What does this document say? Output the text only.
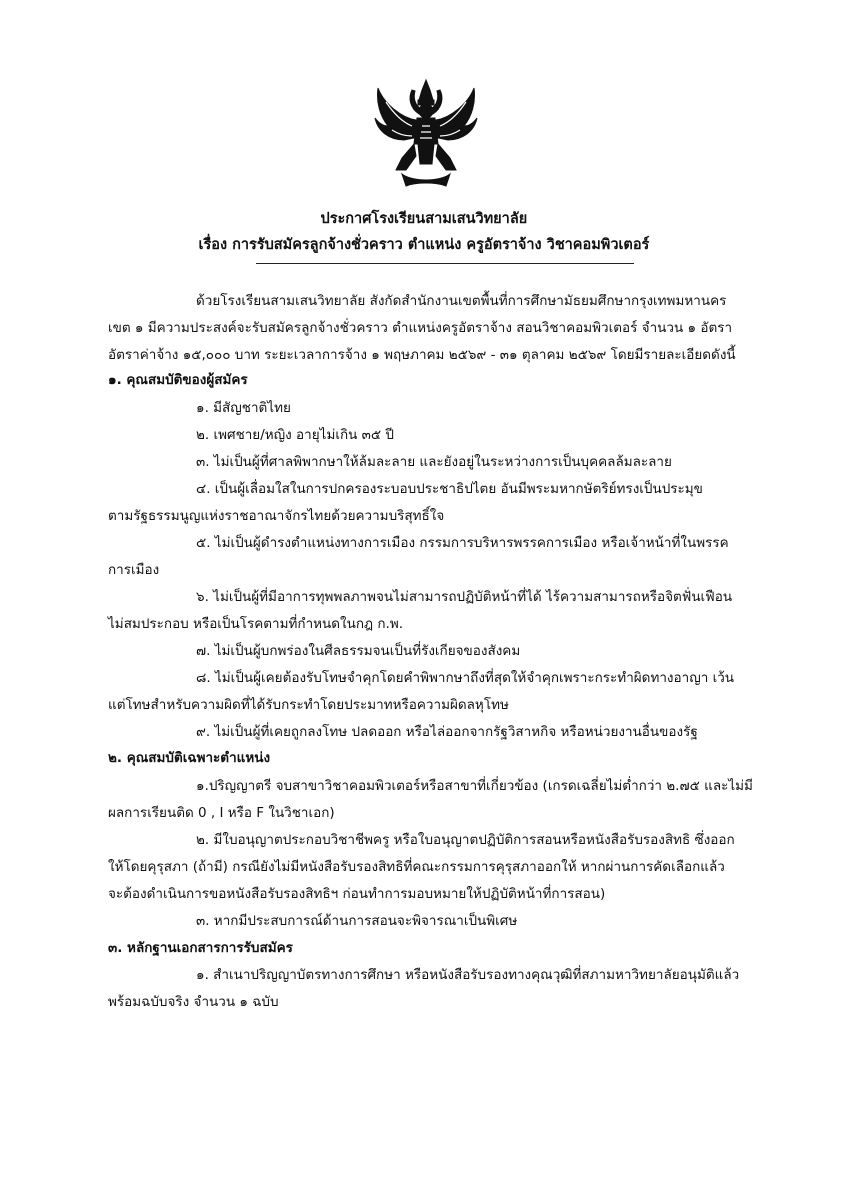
ประกาศโรงเรียนสามเสนวิทยาลัย
เรื่อง การรับสมัครลูกจ้างชั่วคราว ตำแหน่ง ครูอัตราจ้าง วิชาคอมพิวเตอร์
ด้วยโรงเรียนสามเสนวิทยาลัย สังกัดสำนักงานเขตพื้นที่การศึกษามัธยมศึกษากรุงเทพมหานคร
เขต ๑ มีความประสงค์จะรับสมัครลูกจ้างชั่วคราว ตำแหน่งครูอัตราจ้าง สอนวิชาคอมพิวเตอร์ จำนวน ๑ อัตรา
อัตราค่าจ้าง ๑๕,๐๐๐ บาท ระยะเวลาการจ้าง ๑ พฤษภาคม ๒๕๖๙ - ๓๑ ตุลาคม ๒๕๖๙ โดยมีรายละเอียดดังนี้
๑. คุณสมบัติของผู้สมัคร
๑. มีสัญชาติไทย
๒. เพศชาย/หญิง อายุไม่เกิน ๓๕ ปี
๓. ไม่เป็นผู้ที่ศาลพิพากษาให้ล้มละลาย และยังอยู่ในระหว่างการเป็นบุคคลล้มละลาย
๔. เป็นผู้เลื่อมใสในการปกครองระบอบประชาธิปไตย อันมีพระมหากษัตริย์ทรงเป็นประมุข
ตามรัฐธรรมนูญแห่งราชอาณาจักรไทยด้วยความบริสุทธิ์ใจ
๕. ไม่เป็นผู้ดำรงตำแหน่งทางการเมือง กรรมการบริหารพรรคการเมือง หรือเจ้าหน้าที่ในพรรค
การเมือง
๖. ไม่เป็นผู้ที่มีอาการทุพพลภาพจนไม่สามารถปฏิบัติหน้าที่ได้ ไร้ความสามารถหรือจิตฟั่นเฟือน
ไม่สมประกอบ หรือเป็นโรคตามที่กำหนดในกฎ ก.พ.
๗. ไม่เป็นผู้บกพร่องในศีลธรรมจนเป็นที่รังเกียจของสังคม
๘. ไม่เป็นผู้เคยต้องรับโทษจำคุกโดยคำพิพากษาถึงที่สุดให้จำคุกเพราะกระทำผิดทางอาญา เว้น
แต่โทษสำหรับความผิดที่ได้รับกระทำโดยประมาทหรือความผิดลหุโทษ
๙. ไม่เป็นผู้ที่เคยถูกลงโทษ ปลดออก หรือไล่ออกจากรัฐวิสาหกิจ หรือหน่วยงานอื่นของรัฐ
๒. คุณสมบัติเฉพาะตำแหน่ง
๑.ปริญญาตรี จบสาขาวิชาคอมพิวเตอร์หรือสาขาที่เกี่ยวข้อง (เกรดเฉลี่ยไม่ต่ำกว่า ๒.๗๕ และไม่มี
ผลการเรียนติด 0 , I หรือ F ในวิชาเอก)
๒. มีใบอนุญาตประกอบวิชาชีพครู หรือใบอนุญาตปฏิบัติการสอนหรือหนังสือรับรองสิทธิ ซึ่งออก
ให้โดยคุรุสภา (ถ้ามี) กรณียังไม่มีหนังสือรับรองสิทธิที่คณะกรรมการคุรุสภาออกให้ หากผ่านการคัดเลือกแล้ว
จะต้องดำเนินการขอหนังสือรับรองสิทธิฯ ก่อนทำการมอบหมายให้ปฏิบัติหน้าที่การสอน)
๓. หากมีประสบการณ์ด้านการสอนจะพิจารณาเป็นพิเศษ
๓. หลักฐานเอกสารการรับสมัคร
๑. สำเนาปริญญาบัตรทางการศึกษา หรือหนังสือรับรองทางคุณวุฒิที่สภามหาวิทยาลัยอนุมัติแล้ว
พร้อมฉบับจริง จำนวน ๑ ฉบับ
